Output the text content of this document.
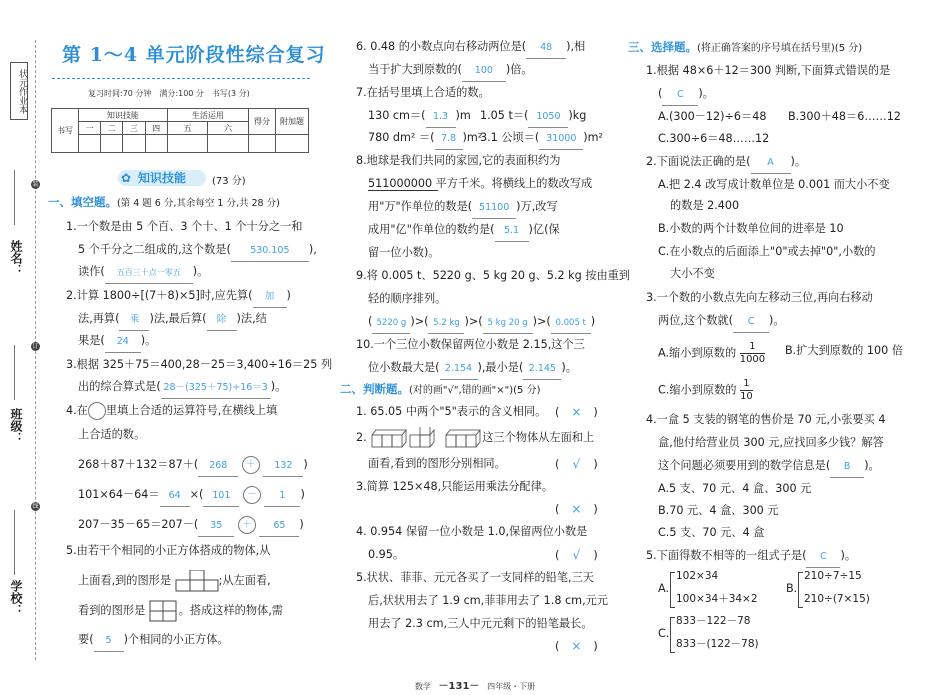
状元作业本
姓名：
班级：
学校：
装
订
线
第 1～4 单元阶段性综合复习
复习时间:70 分钟　满分:100 分　书写(3 分)
书写	知识技能				生活运用		得分	附加题
	一	二	三	四	五	六		

✿ 知识技能	(73 分)
一、填空题。(第 4 题 6 分,其余每空 1 分,共 28 分)
1.一个数是由 5 个百、3 个十、1 个十分之一和
5 个千分之二组成的,这个数是( 530.105 ),
读作( 五百三十点一零五 )。
2.计算 1800÷[(7＋8)×5]时,应先算( 加 )
法,再算( 乘 )法,最后算( 除 )法,结
果是( 24 )。
3.根据 325＋75＝400,28－25＝3,400÷16＝25 列
出的综合算式是( 28－(325＋75)÷16＝3 )。
4.在 里填上合适的运算符号,在横线上填
上合适的数。
268＋87＋132＝87＋( 268 ＋ 132 )
101×64－64＝ 64 ×( 101 － 1 )
207－35－65＝207－( 35 ＋ 65 )
5.由若干个相同的小正方体搭成的物体,从
上面看,到的图形是	;从左面看,
看到的图形是	。搭成这样的物体,需
要( 5 )个相同的小正方体。
6. 0.48 的小数点向右移动两位是( 48 ),相
当于扩大到原数的( 100 )倍。
7.在括号里填上合适的数。
130 cm＝( 1.3 )m 1.05 t＝( 1050 )kg
780 dm² ＝( 7.8 )m²
3.1 公顷＝( 31000 )m²
8.地球是我们共同的家园,它的表面积约为
511000000 平方千米。将横线上的数改写成
用"万"作单位的数是( 51100 )万,改写
成用"亿"作单位的数约是( 5.1 )亿(保
留一位小数)。
9.将 0.005 t、5220 g、5 kg 20 g、5.2 kg 按由重到
轻的顺序排列。
( 5220 g )>( 5.2 kg )>( 5 kg 20 g )>( 0.005 t )
10.一个三位小数保留两位小数是 2.15,这个三
位小数最大是( 2.154 ),最小是( 2.145 )。
二、判断题。(对的画"√",错的画"×")(5 分)
1. 65.05 中两个"5"表示的含义相同。 ( × )
2.	这三个物体从左面和上
面看,看到的图形分别相同。	( √ )
3.简算 125×48,只能运用乘法分配律。
( × )
4. 0.954 保留一位小数是 1.0,保留两位小数是
0.95。	( √ )
5.状状、菲菲、元元各买了一支同样的铅笔,三天
后,状状用去了 1.9 cm,菲菲用去了 1.8 cm,元元
用去了 2.3 cm,三人中元元剩下的铅笔最长。
( × )
三、选择题。(将正确答案的序号填在括号里)(5 分)
1.根据 48×6＋12＝300 判断,下面算式错误的是
( C )。
A.(300－12)÷6＝48 B.300＋48＝6……12
C.300÷6＝48……12
2.下面说法正确的是( A )。
A.把 2.4 改写成计数单位是 0.001 而大小不变
的数是 2.400
B.小数的两个计数单位间的进率是 10
C.在小数点的后面添上"0"或去掉"0",小数的
大小不变
3.一个数的小数点先向左移动三位,再向右移动
两位,这个数就( C )。
A.缩小到原数的 $\frac{1}{1000} B$.扩大到原数的 100 倍
C.缩小到原数的 $\frac{1}{10}$
4.一盒 5 支装的钢笔的售价是 70 元,小张要买 4
盒,他付给营业员 300 元,应找回多少钱？解答
这个问题必须要用到的数学信息是( B )。
A.5 支、70 元、4 盒、300 元
B.70 元、4 盒、300 元
C.5 支、70 元、4 盒
5.下面得数不相等的一组式子是( C )。
A.
102×34
100×34＋34×2
B.
210÷7÷15
210÷(7×15)
C.
833－122－78
833－(122－78)
数学 －131－ 四年级・下册
